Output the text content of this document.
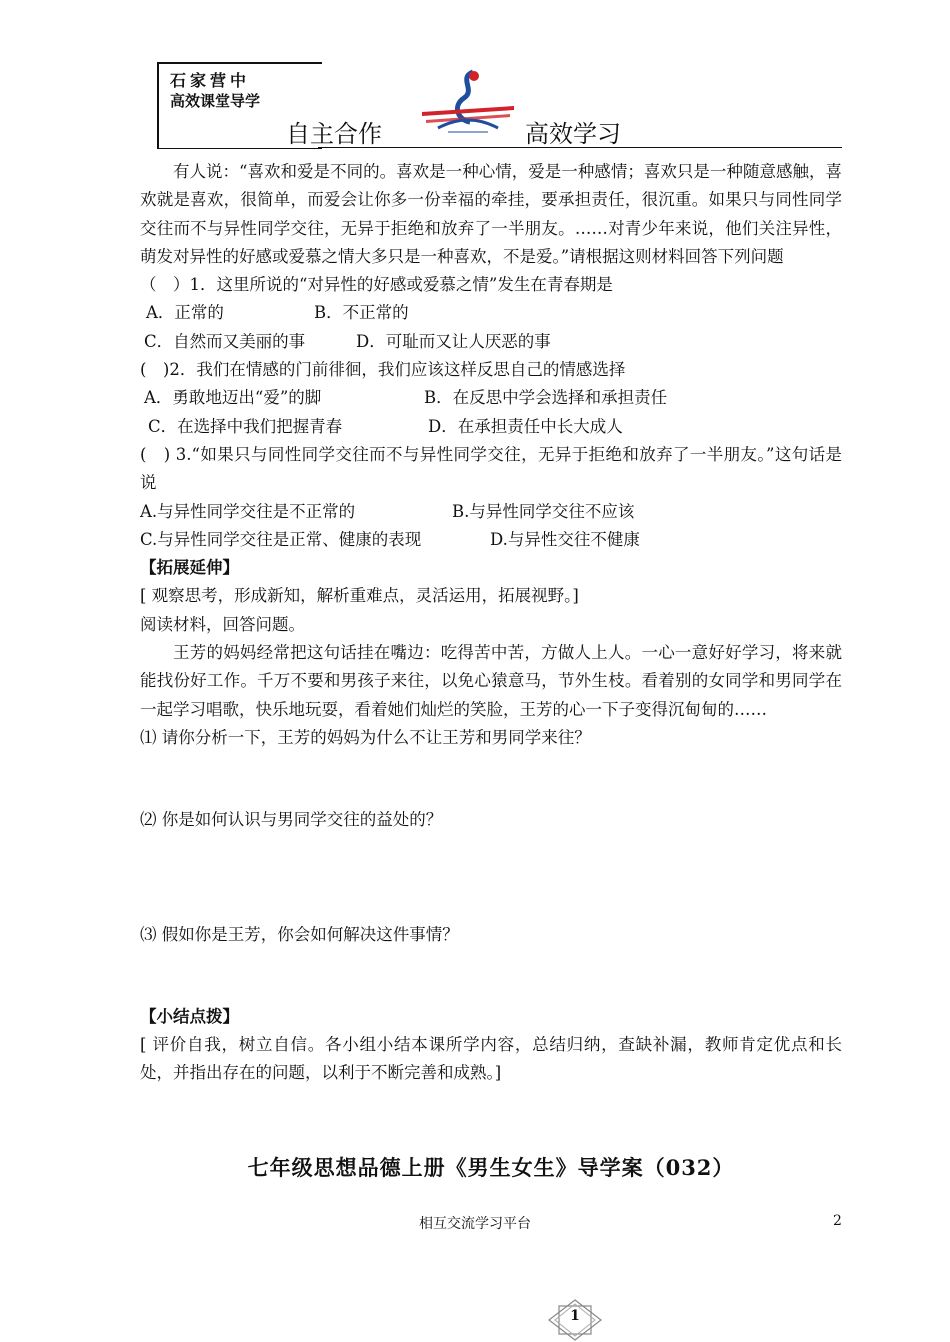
石家营中
高效课堂导学
自主合作	高效学习

有人说：“喜欢和爱是不同的。喜欢是一种心情，爱是一种感情；喜欢只是一种随意感触，喜欢就是喜欢，很简单，而爱会让你多一份幸福的牵挂，要承担责任，很沉重。如果只与同性同学交往而不与异性同学交往，无异于拒绝和放弃了一半朋友。……对青少年来说，他们关注异性，萌发对异性的好感或爱慕之情大多只是一种喜欢，不是爱。”请根据这则材料回答下列问题

（　）1．这里所说的“对异性的好感或爱慕之情”发生在青春期是
A．正常的	B．不正常的
C．自然而又美丽的事	D．可耻而又让人厌恶的事
(　)2．我们在情感的门前徘徊，我们应该这样反思自己的情感选择
A．勇敢地迈出“爱”的脚	B．在反思中学会选择和承担责任
C．在选择中我们把握青春	D．在承担责任中长大成人
(　) 3.“如果只与同性同学交往而不与异性同学交往，无异于拒绝和放弃了一半朋友。”这句话是说
A.与异性同学交往是不正常的	B.与异性同学交往不应该
C.与异性同学交往是正常、健康的表现	D.与异性交往不健康
【拓展延伸】
[ 观察思考，形成新知，解析重难点，灵活运用，拓展视野。]
阅读材料，回答问题。

王芳的妈妈经常把这句话挂在嘴边：吃得苦中苦，方做人上人。一心一意好好学习，将来就能找份好工作。千万不要和男孩子来往，以免心猿意马，节外生枝。看着别的女同学和男同学在一起学习唱歌，快乐地玩耍，看着她们灿烂的笑脸，王芳的心一下子变得沉甸甸的……

⑴ 请你分析一下，王芳的妈妈为什么不让王芳和男同学来往？
⑵ 你是如何认识与男同学交往的益处的？
⑶ 假如你是王芳，你会如何解决这件事情？
【小结点拨】

[ 评价自我，树立自信。各小组小结本课所学内容，总结归纳，查缺补漏，教师肯定优点和长处，并指出存在的问题，以利于不断完善和成熟。]

七年级思想品德上册《男生女生》导学案（032）
相互交流学习平台	2
1
